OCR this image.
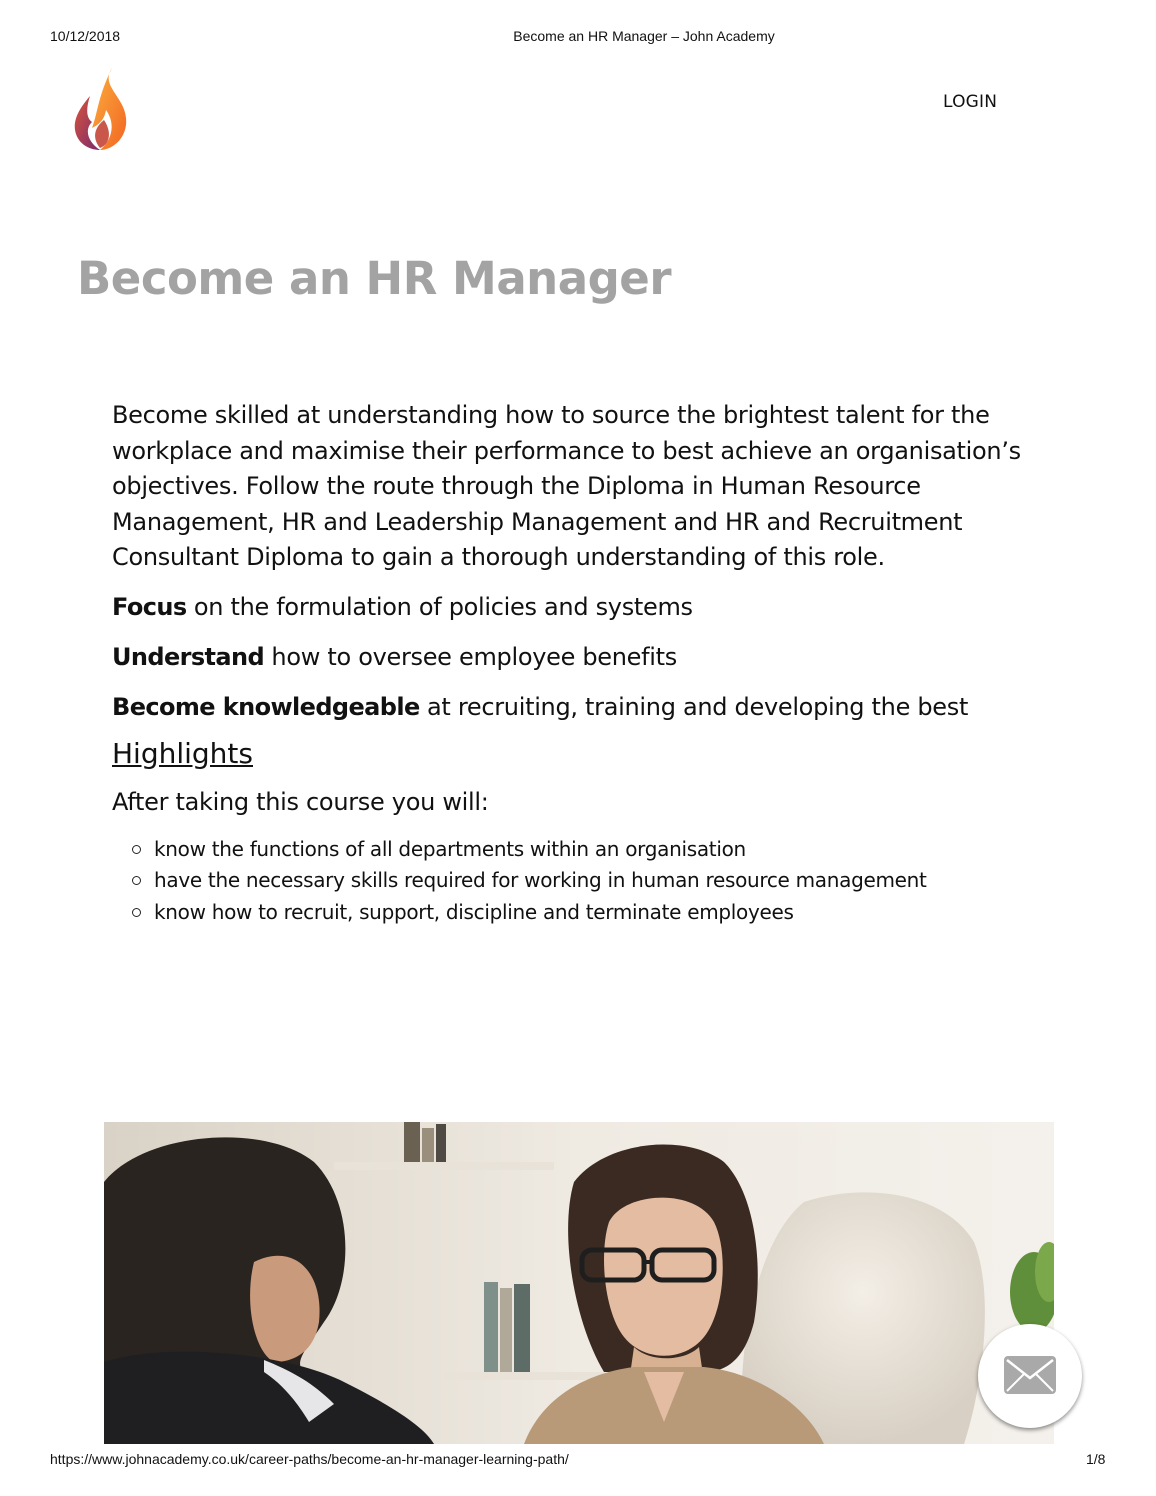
10/12/2018	Become an HR Manager – John Academy
LOGIN
Become an HR Manager

Become skilled at understanding how to source the brightest talent for the workplace and maximise their performance to best achieve an organisation’s objectives. Follow the route through the Diploma in Human Resource Management, HR and Leadership Management and HR and Recruitment Consultant Diploma to gain a thorough understanding of this role.

Focus on the formulation of policies and systems

Understand how to oversee employee benefits

Become knowledgeable at recruiting, training and developing the best

Highlights

After taking this course you will:

know the functions of all departments within an organisation
have the necessary skills required for working in human resource management
know how to recruit, support, discipline and terminate employees
https://www.johnacademy.co.uk/career-paths/become-an-hr-manager-learning-path/	1/8
